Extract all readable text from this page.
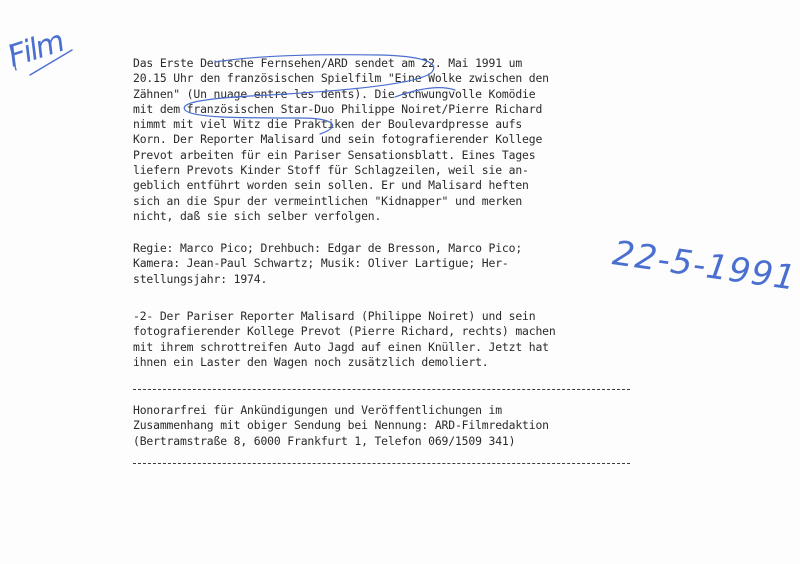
Film	Das Erste Deutsche Fernsehen/ARD sendet am 22. Mai 1991 um
20.15 Uhr den französischen Spielfilm "Eine Wolke zwischen den
Zähnen" (Un nuage entre les dents). Die schwungvolle Komödie
mit dem französischen Star-Duo Philippe Noiret/Pierre Richard
nimmt mit viel Witz die Praktiken der Boulevardpresse aufs
Korn. Der Reporter Malisard und sein fotografierender Kollege
Prevot arbeiten für ein Pariser Sensationsblatt. Eines Tages
liefern Prevots Kinder Stoff für Schlagzeilen, weil sie an-
geblich entführt worden sein sollen. Er und Malisard heften
sich an die Spur der vermeintlichen "Kidnapper" und merken
nicht, daß sie sich selber verfolgen.

Regie: Marco Pico; Drehbuch: Edgar de Bresson, Marco Pico;
Kamera: Jean-Paul Schwartz; Musik: Oliver Lartigue; Her-
stellungsjahr: 1974.	22-5-1991

-2- Der Pariser Reporter Malisard (Philippe Noiret) und sein
fotografierender Kollege Prevot (Pierre Richard, rechts) machen
mit ihrem schrottreifen Auto Jagd auf einen Knüller. Jetzt hat
ihnen ein Laster den Wagen noch zusätzlich demoliert.

Honorarfrei für Ankündigungen und Veröffentlichungen im
Zusammenhang mit obiger Sendung bei Nennung: ARD-Filmredaktion
(Bertramstraße 8, 6000 Frankfurt 1, Telefon 069/1509 341)
